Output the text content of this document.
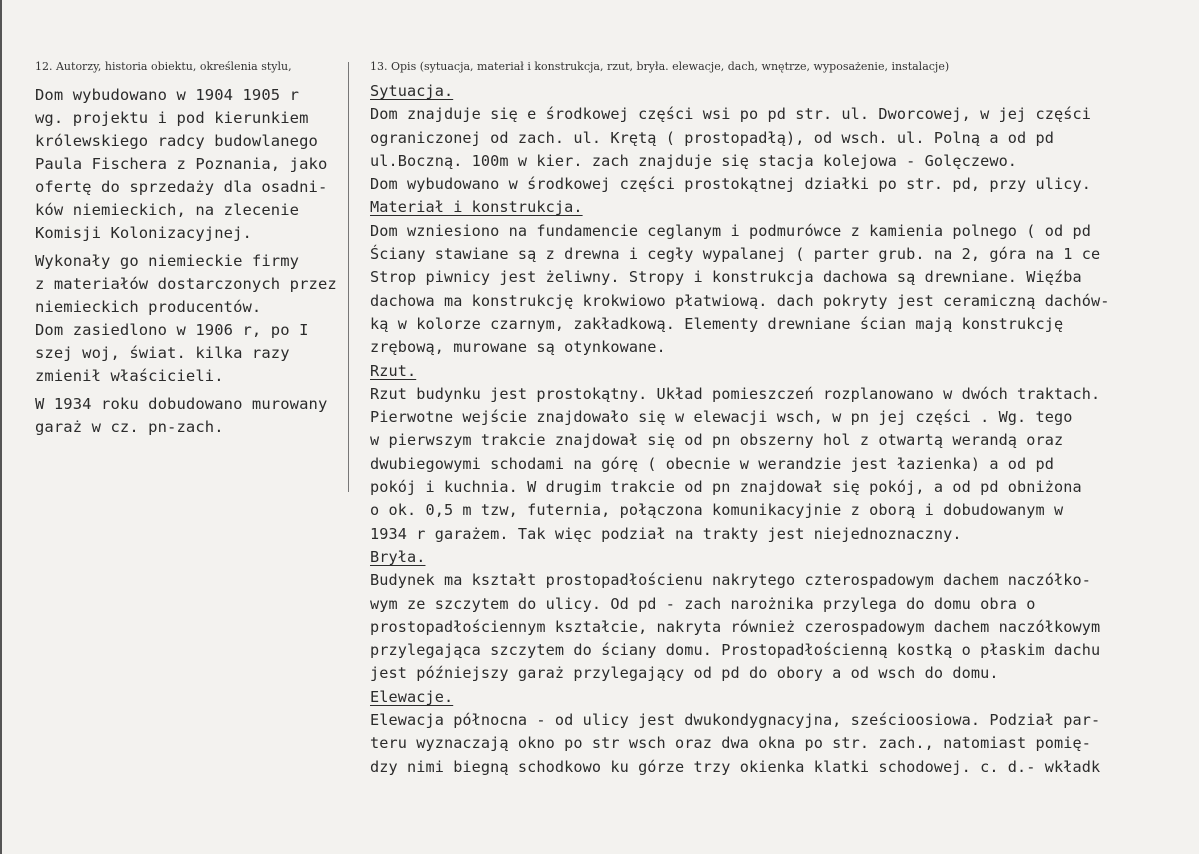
12. Autorzy, historia obiektu, określenia stylu,	13. Opis (sytuacja, materiał i konstrukcja, rzut, bryła. elewacje, dach, wnętrze, wyposażenie, instalacje)
Dom wybudowano w 1904 1905 r
wg. projektu i pod kierunkiem
królewskiego radcy budowlanego
Paula Fischera z Poznania, jako
ofertę do sprzedaży dla osadni-
ków niemieckich, na zlecenie
Komisji Kolonizacyjnej.
Wykonały go niemieckie firmy
z materiałów dostarczonych przez
niemieckich producentów.
Dom zasiedlono w 1906 r, po I
szej woj, świat. kilka razy
zmienił właścicieli.
W 1934 roku dobudowano murowany
garaż w cz. pn-zach.
Sytuacja.
Dom znajduje się e środkowej części wsi po pd str. ul. Dworcowej, w jej części
ograniczonej od zach. ul. Krętą ( prostopadłą), od wsch. ul. Polną a od pd
ul.Boczną. 100m w kier. zach znajduje się stacja kolejowa - Golęczewo.
Dom wybudowano w środkowej części prostokątnej działki po str. pd, przy ulicy.
Materiał i konstrukcja.
Dom wzniesiono na fundamencie ceglanym i podmurówce z kamienia polnego ( od pd
Ściany stawiane są z drewna i cegły wypalanej ( parter grub. na 2, góra na 1 ce
Strop piwnicy jest żeliwny. Stropy i konstrukcja dachowa są drewniane. Więźba
dachowa ma konstrukcję krokwiowo płatwiową. dach pokryty jest ceramiczną dachów-
ką w kolorze czarnym, zakładkową. Elementy drewniane ścian mają konstrukcję
zrębową, murowane są otynkowane.
Rzut.
Rzut budynku jest prostokątny. Układ pomieszczeń rozplanowano w dwóch traktach.
Pierwotne wejście znajdowało się w elewacji wsch, w pn jej części . Wg. tego
w pierwszym trakcie znajdował się od pn obszerny hol z otwartą werandą oraz
dwubiegowymi schodami na górę ( obecnie w werandzie jest łazienka) a od pd
pokój i kuchnia. W drugim trakcie od pn znajdował się pokój, a od pd obniżona
o ok. 0,5 m tzw, futernia, połączona komunikacyjnie z oborą i dobudowanym w
1934 r garażem. Tak więc podział na trakty jest niejednoznaczny.
Bryła.
Budynek ma kształt prostopadłościenu nakrytego czterospadowym dachem naczółko-
wym ze szczytem do ulicy. Od pd - zach narożnika przylega do domu obra o
prostopadłościennym kształcie, nakryta również czerospadowym dachem naczółkowym
przylegająca szczytem do ściany domu. Prostopadłościenną kostką o płaskim dachu
jest późniejszy garaż przylegający od pd do obory a od wsch do domu.
Elewacje.
Elewacja północna - od ulicy jest dwukondygnacyjna, sześcioosiowa. Podział par-
teru wyznaczają okno po str wsch oraz dwa okna po str. zach., natomiast pomię-
dzy nimi biegną schodkowo ku górze trzy okienka klatki schodowej. c. d.- wkładk
